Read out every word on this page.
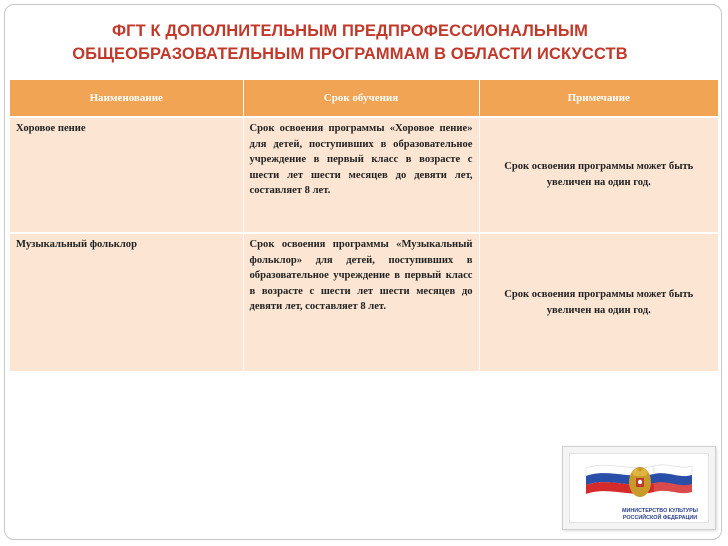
ФГТ К ДОПОЛНИТЕЛЬНЫМ ПРЕДПРОФЕССИОНАЛЬНЫМ
ОБЩЕОБРАЗОВАТЕЛЬНЫМ ПРОГРАММАМ В ОБЛАСТИ ИСКУССТВ
Наименование	Срок обучения	Примечание
Хоровое пение	Срок освоения программы «Хоровое пение» для детей, поступивших в образовательное учреждение в первый класс в возрасте с шести лет шести месяцев до девяти лет, составляет 8 лет.	Срок освоения программы может быть увеличен на один год.
Музыкальный фольклор	Срок освоения программы «Музыкальный фольклор» для детей, поступивших в образовательное учреждение в первый класс в возрасте с шести лет шести месяцев до девяти лет, составляет 8 лет.	Срок освоения программы может быть увеличен на один год.
МИНИСТЕРСТВО КУЛЬТУРЫ
РОССИЙСКОЙ ФЕДЕРАЦИИ
